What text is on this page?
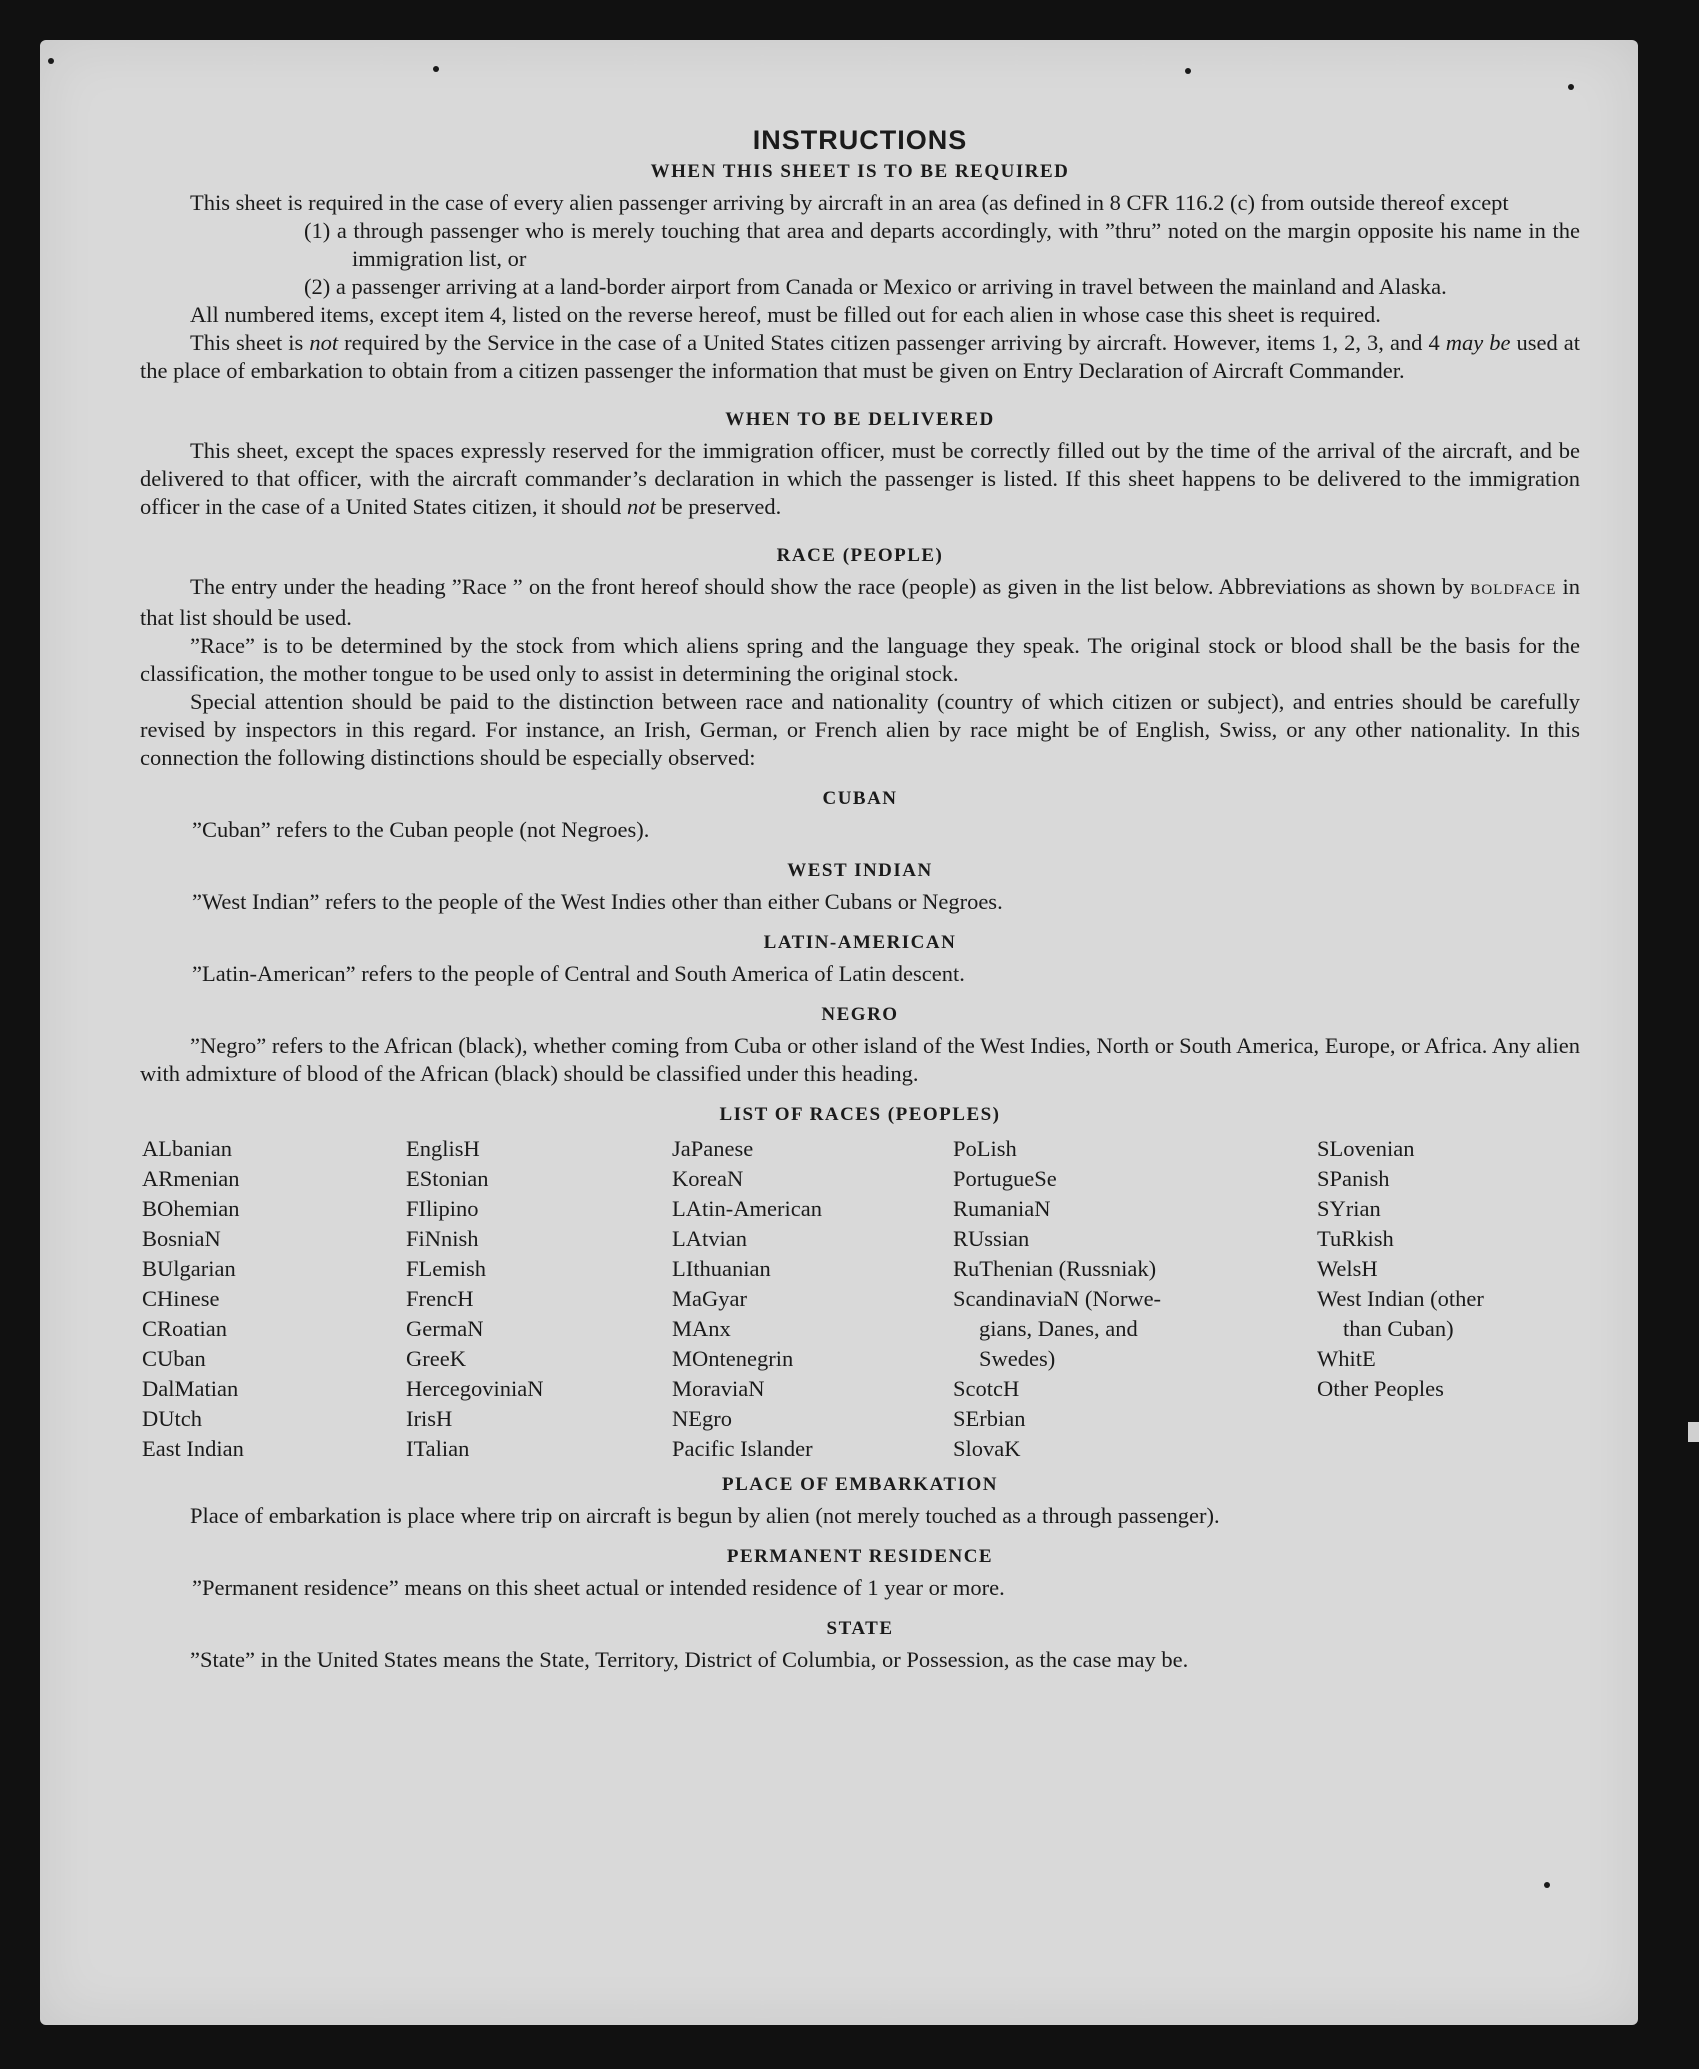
INSTRUCTIONS
WHEN THIS SHEET IS TO BE REQUIRED

This sheet is required in the case of every alien passenger arriving by aircraft in an area (as defined in 8 CFR 116.2 (c) from outside thereof except

(1) a through passenger who is merely touching that area and departs accordingly, with ”thru” noted on the margin opposite his name in the immigration list, or

(2) a passenger arriving at a land-border airport from Canada or Mexico or arriving in travel between the mainland and Alaska.

All numbered items, except item 4, listed on the reverse hereof, must be filled out for each alien in whose case this sheet is required.

This sheet is not required by the Service in the case of a United States citizen passenger arriving by aircraft. However, items 1, 2, 3, and 4 may be used at the place of embarkation to obtain from a citizen passenger the information that must be given on Entry Declaration of Aircraft Commander.

WHEN TO BE DELIVERED

This sheet, except the spaces expressly reserved for the immigration officer, must be correctly filled out by the time of the arrival of the aircraft, and be delivered to that officer, with the aircraft commander’s declaration in which the passenger is listed. If this sheet happens to be delivered to the immigration officer in the case of a United States citizen, it should not be preserved.

RACE (PEOPLE)

The entry under the heading ”Race ” on the front hereof should show the race (people) as given in the list below. Abbreviations as shown by BOLDFACE in that list should be used.

”Race” is to be determined by the stock from which aliens spring and the language they speak. The original stock or blood shall be the basis for the classification, the mother tongue to be used only to assist in determining the original stock.

Special attention should be paid to the distinction between race and nationality (country of which citizen or subject), and entries should be carefully revised by inspectors in this regard. For instance, an Irish, German, or French alien by race might be of English, Swiss, or any other nationality. In this connection the following distinctions should be especially observed:

CUBAN

”Cuban” refers to the Cuban people (not Negroes).

WEST INDIAN

”West Indian” refers to the people of the West Indies other than either Cubans or Negroes.

LATIN-AMERICAN

”Latin-American” refers to the people of Central and South America of Latin descent.

NEGRO

”Negro” refers to the African (black), whether coming from Cuba or other island of the West Indies, North or South America, Europe, or Africa. Any alien with admixture of blood of the African (black) should be classified under this heading.

LIST OF RACES (PEOPLES)
ALbanian
ARmenian
BOhemian
BosniaN
BUlgarian
CHinese
CRoatian
CUban
DalMatian
DUtch
East Indian
EnglisH
EStonian
FIlipino
FiNnish
FLemish
FrencH
GermaN
GreeK
HercegoviniaN
IrisH
ITalian
JaPanese
KoreaN
LAtin-American
LAtvian
LIthuanian
MaGyar
MAnx
MOntenegrin
MoraviaN
NEgro
Pacific Islander
PoLish
PortugueSe
RumaniaN
RUssian
RuThenian (Russniak)
ScandinaviaN (Norwe-
gians, Danes, and
Swedes)
ScotcH
SErbian
SlovaK
SLovenian
SPanish
SYrian
TuRkish
WelsH
West Indian (other
than Cuban)
WhitE
Other Peoples
PLACE OF EMBARKATION

Place of embarkation is place where trip on aircraft is begun by alien (not merely touched as a through passenger).

PERMANENT RESIDENCE

”Permanent residence” means on this sheet actual or intended residence of 1 year or more.

STATE

”State” in the United States means the State, Territory, District of Columbia, or Possession, as the case may be.
